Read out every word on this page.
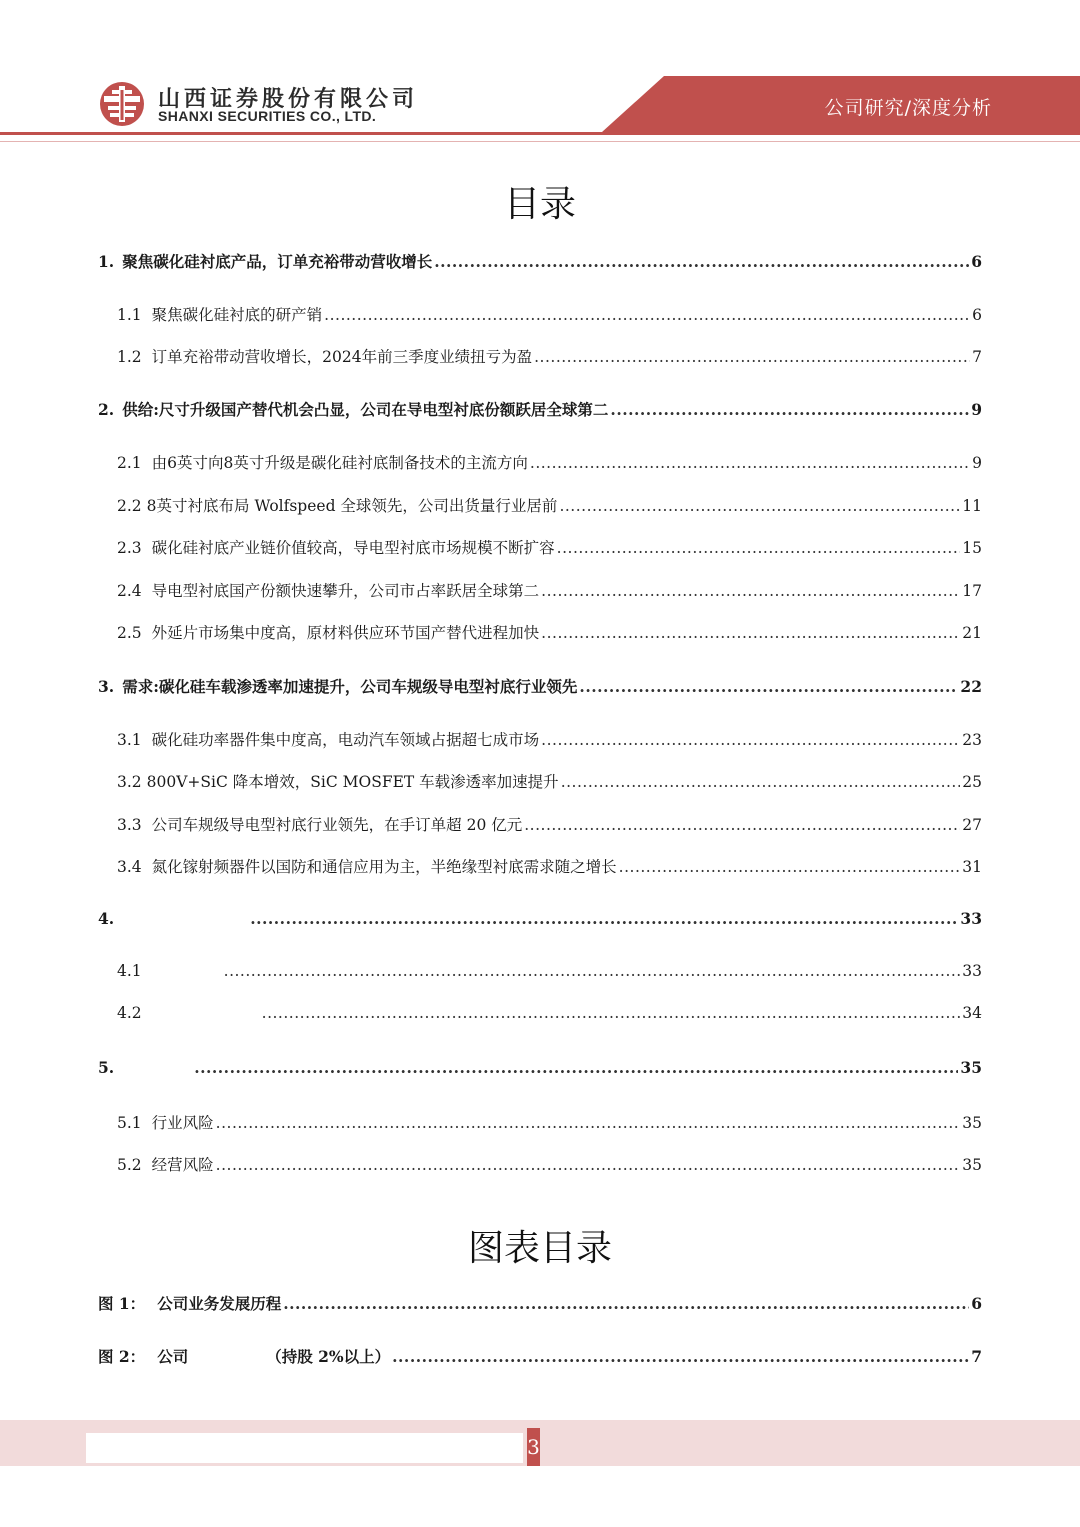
公司研究/深度分析
山西证券股份有限公司
SHANXI SECURITIES CO., LTD.
目录
1. 聚焦碳化硅衬底产品，订单充裕带动营收增长 .....	6
1.1 聚焦碳化硅衬底的研产销 .....	6
1.2 订单充裕带动营收增长，2024年前三季度业绩扭亏为盈 .....	7
2. 供给:尺寸升级国产替代机会凸显，公司在导电型衬底份额跃居全球第二 .....	9
2.1 由6英寸向8英寸升级是碳化硅衬底制备技术的主流方向 .....	9
2.2 8英寸衬底布局 Wolfspeed 全球领先，公司出货量行业居前 .....	11
2.3 碳化硅衬底产业链价值较高，导电型衬底市场规模不断扩容 .....	15
2.4 导电型衬底国产份额快速攀升，公司市占率跃居全球第二 .....	17
2.5 外延片市场集中度高，原材料供应环节国产替代进程加快 .....	21
3. 需求:碳化硅车载渗透率加速提升，公司车规级导电型衬底行业领先 .....	22
3.1 碳化硅功率器件集中度高，电动汽车领域占据超七成市场 .....	23
3.2 800V+SiC 降本增效，SiC MOSFET 车载渗透率加速提升 .....	25
3.3 公司车规级导电型衬底行业领先，在手订单超 20 亿元 .....	27
3.4 氮化镓射频器件以国防和通信应用为主，半绝缘型衬底需求随之增长 .....	31
4. .....	33
4.1 .....	33
4.2 .....	34
5. .....	35
5.1 行业风险 .....	35
5.2 经营风险 .....	35
图表目录
图 1： 公司业务发展历程 .....	6
图 2： 公司	（持股 2%以上） .....	7
3
